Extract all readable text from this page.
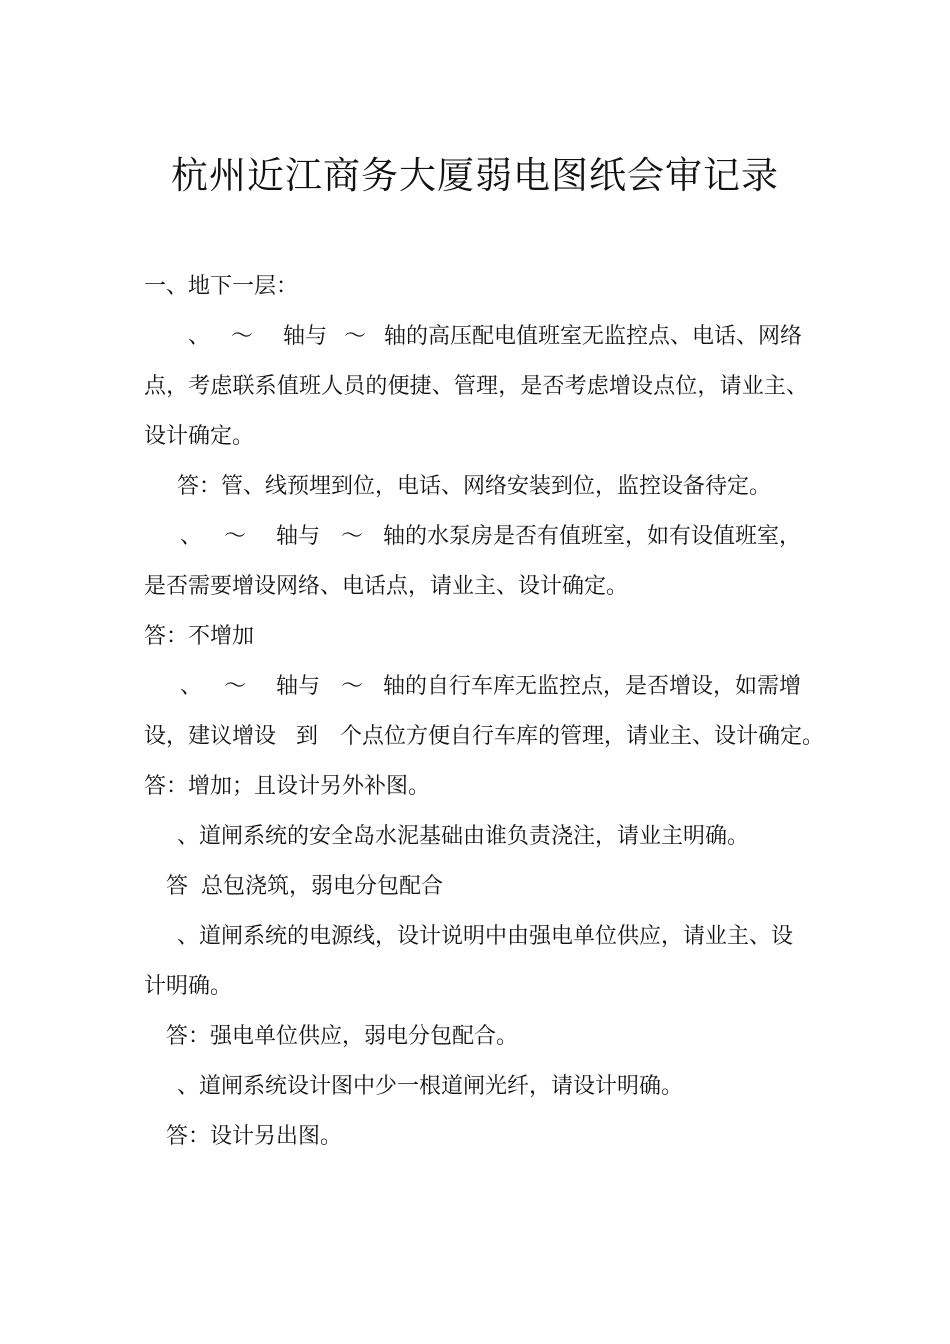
杭州近江商务大厦弱电图纸会审记录
一、地下一层：
、 ～ 轴与 ～ 轴的高压配电值班室无监控点、电话、网络
点，考虑联系值班人员的便捷、管理，是否考虑增设点位，请业主、
设计确定。
答：管、线预埋到位，电话、网络安装到位，监控设备待定。
、 ～ 轴与 ～ 轴的水泵房是否有值班室，如有设值班室，
是否需要增设网络、电话点，请业主、设计确定。
答：不增加
、 ～ 轴与 ～ 轴的自行车库无监控点，是否增设，如需增
设，建议增设 到 个点位方便自行车库的管理，请业主、设计确定。
答：增加；且设计另外补图。
、道闸系统的安全岛水泥基础由谁负责浇注，请业主明确。
答 总包浇筑，弱电分包配合
、道闸系统的电源线，设计说明中由强电单位供应，请业主、设
计明确。
答：强电单位供应，弱电分包配合。
、道闸系统设计图中少一根道闸光纤，请设计明确。
答：设计另出图。
